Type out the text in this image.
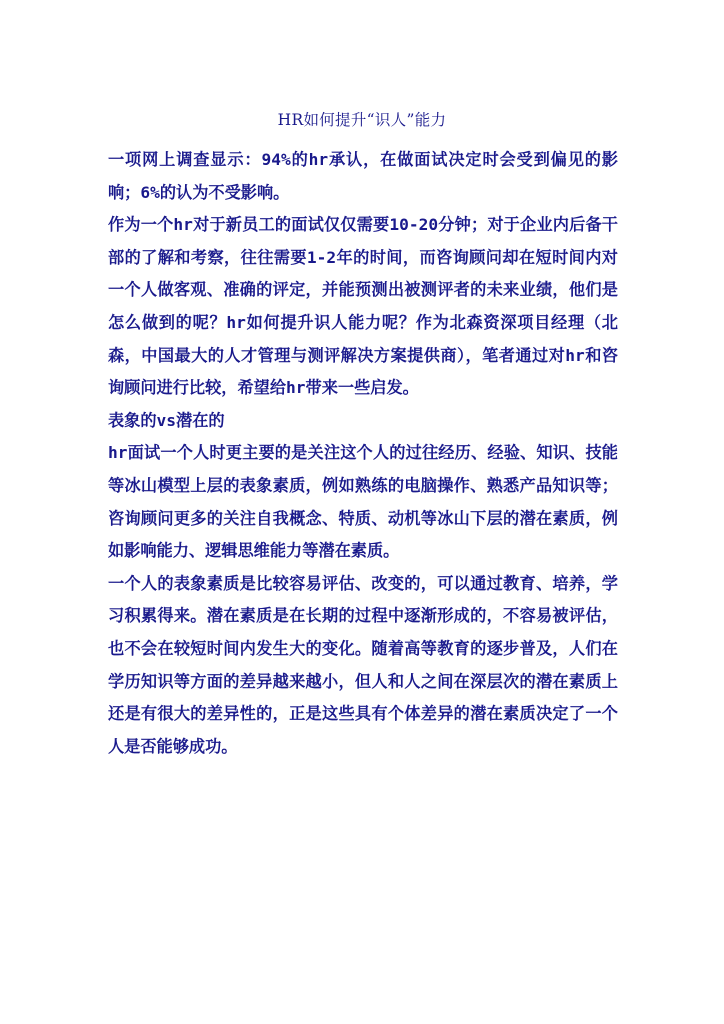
HR如何提升“识人”能力

一项网上调查显示：94%的hr承认，在做面试决定时会受到偏见的影响；6%的认为不受影响。

作为一个hr对于新员工的面试仅仅需要10-20分钟；对于企业内后备干部的了解和考察，往往需要1-2年的时间，而咨询顾问却在短时间内对一个人做客观、准确的评定，并能预测出被测评者的未来业绩，他们是怎么做到的呢？hr如何提升识人能力呢？作为北森资深项目经理（北森，中国最大的人才管理与测评解决方案提供商），笔者通过对hr和咨询顾问进行比较，希望给hr带来一些启发。

表象的vs潜在的

hr面试一个人时更主要的是关注这个人的过往经历、经验、知识、技能等冰山模型上层的表象素质，例如熟练的电脑操作、熟悉产品知识等；咨询顾问更多的关注自我概念、特质、动机等冰山下层的潜在素质，例如影响能力、逻辑思维能力等潜在素质。

一个人的表象素质是比较容易评估、改变的，可以通过教育、培养，学习积累得来。潜在素质是在长期的过程中逐渐形成的，不容易被评估，也不会在较短时间内发生大的变化。随着高等教育的逐步普及，人们在学历知识等方面的差异越来越小，但人和人之间在深层次的潜在素质上还是有很大的差异性的，正是这些具有个体差异的潜在素质决定了一个人是否能够成功。
